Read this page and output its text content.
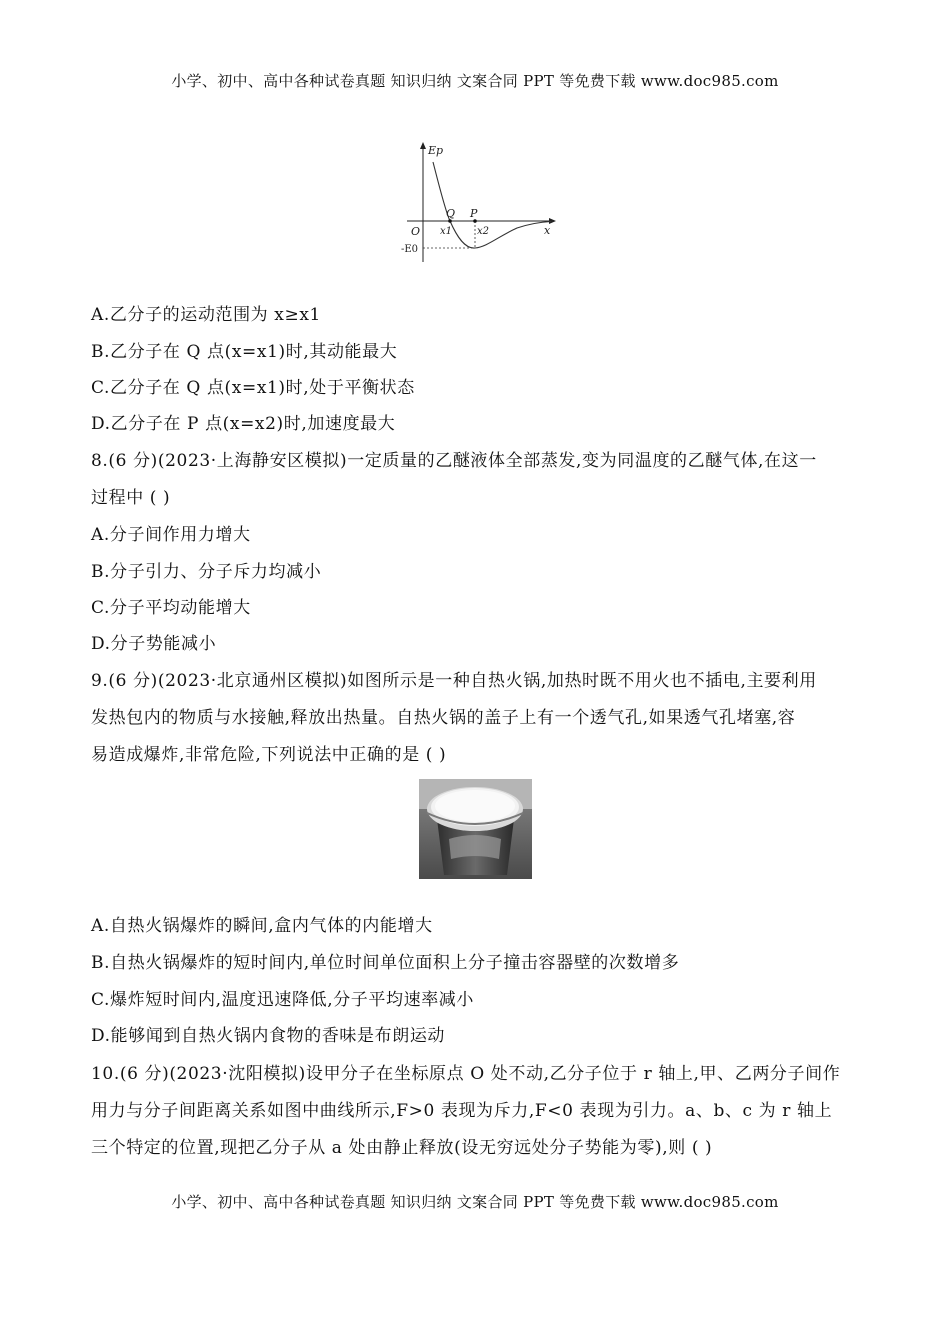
小学、初中、高中各种试卷真题 知识归纳 文案合同 PPT 等免费下载 www.doc985.com
Ep
Q P
O x1 x2	x
-E0
A.乙分子的运动范围为 x≥x1
B.乙分子在 Q 点(x=x1)时,其动能最大
C.乙分子在 Q 点(x=x1)时,处于平衡状态
D.乙分子在 P 点(x=x2)时,加速度最大
8.(6 分)(2023·上海静安区模拟)一定质量的乙醚液体全部蒸发,变为同温度的乙醚气体,在这一
过程中 ( )
A.分子间作用力增大
B.分子引力、分子斥力均减小
C.分子平均动能增大
D.分子势能减小
9.(6 分)(2023·北京通州区模拟)如图所示是一种自热火锅,加热时既不用火也不插电,主要利用
发热包内的物质与水接触,释放出热量。自热火锅的盖子上有一个透气孔,如果透气孔堵塞,容
易造成爆炸,非常危险,下列说法中正确的是 ( )
A.自热火锅爆炸的瞬间,盒内气体的内能增大
B.自热火锅爆炸的短时间内,单位时间单位面积上分子撞击容器壁的次数增多
C.爆炸短时间内,温度迅速降低,分子平均速率减小
D.能够闻到自热火锅内食物的香味是布朗运动
10.(6 分)(2023·沈阳模拟)设甲分子在坐标原点 O 处不动,乙分子位于 r 轴上,甲、乙两分子间作
用力与分子间距离关系如图中曲线所示,F>0 表现为斥力,F<0 表现为引力。a、b、c 为 r 轴上
三个特定的位置,现把乙分子从 a 处由静止释放(设无穷远处分子势能为零),则 ( )
小学、初中、高中各种试卷真题 知识归纳 文案合同 PPT 等免费下载 www.doc985.com
